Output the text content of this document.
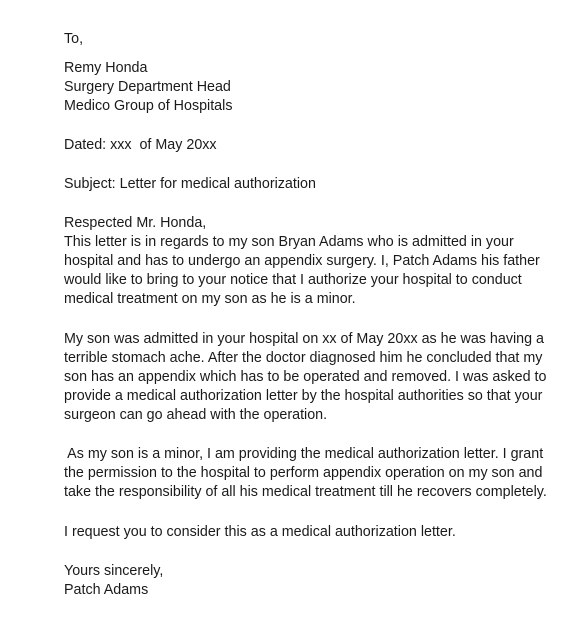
To,
Remy Honda
Surgery Department Head
Medico Group of Hospitals
Dated: xxx  of May 20xx
Subject: Letter for medical authorization
Respected Mr. Honda,
This letter is in regards to my son Bryan Adams who is admitted in your
hospital and has to undergo an appendix surgery. I, Patch Adams his father
would like to bring to your notice that I authorize your hospital to conduct
medical treatment on my son as he is a minor.
My son was admitted in your hospital on xx of May 20xx as he was having a
terrible stomach ache. After the doctor diagnosed him he concluded that my
son has an appendix which has to be operated and removed. I was asked to
provide a medical authorization letter by the hospital authorities so that your
surgeon can go ahead with the operation.
As my son is a minor, I am providing the medical authorization letter. I grant
the permission to the hospital to perform appendix operation on my son and
take the responsibility of all his medical treatment till he recovers completely.
I request you to consider this as a medical authorization letter.
Yours sincerely,
Patch Adams
